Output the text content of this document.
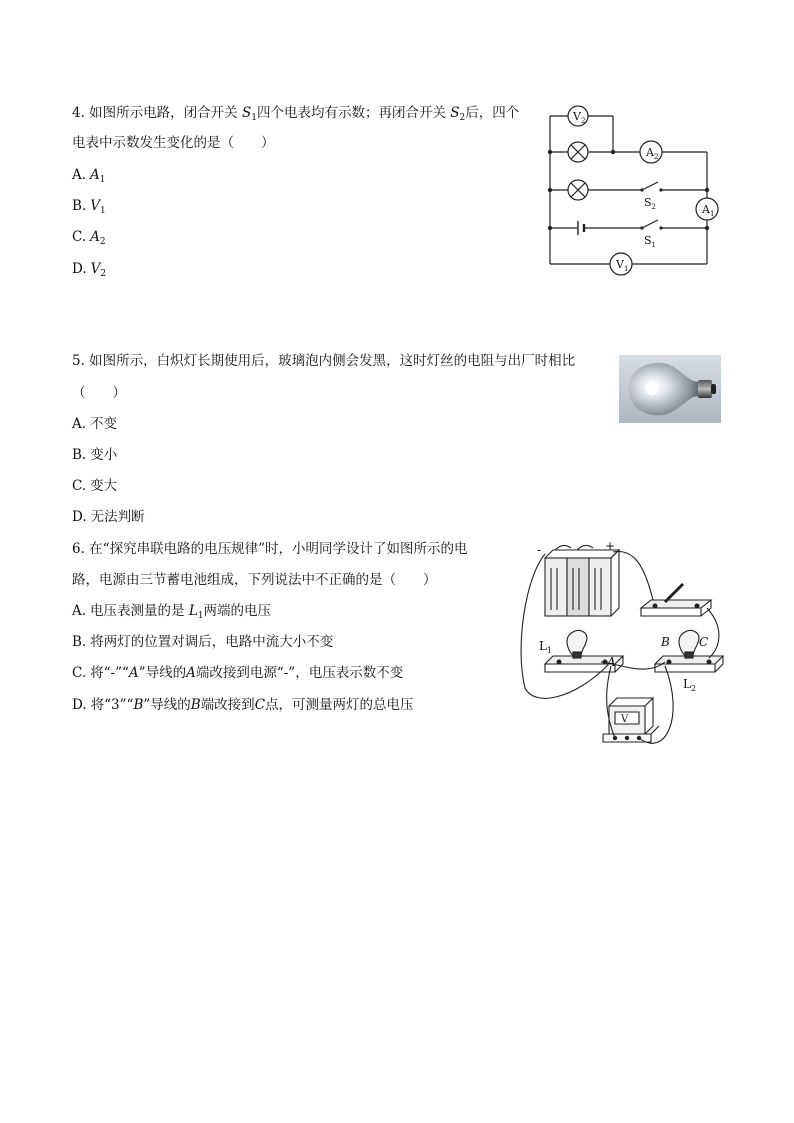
4. 如图所示电路，闭合开关 $S_1$四个电表均有示数；再闭合开关 $S_2$后，四个
电表中示数发生变化的是（　　）
A. $A_1$
B. $V_1$
C. $A_2$
D. $V_2$
$V_2$
$A_2$
$A_1$
$V_1$
$S_2$
$S_1$
5. 如图所示，白炽灯长期使用后，玻璃泡内侧会发黑，这时灯丝的电阻与出厂时相比
（　　）
A. 不变
B. 变小
C. 变大
D. 无法判断
6. 在“探究串联电路的电压规律”时，小明同学设计了如图所示的电
路，电源由三节蓄电池组成，下列说法中不正确的是（　　）
A. 电压表测量的是 $L_1$两端的电压
B. 将两灯的位置对调后，电路中流大小不变
C. 将“-”“A”导线的A端改接到电源“-”，电压表示数不变
D. 将“3”“B”导线的B端改接到C点，可测量两灯的总电压
-	+
$L_1$
$L_2$
A
B C
V
